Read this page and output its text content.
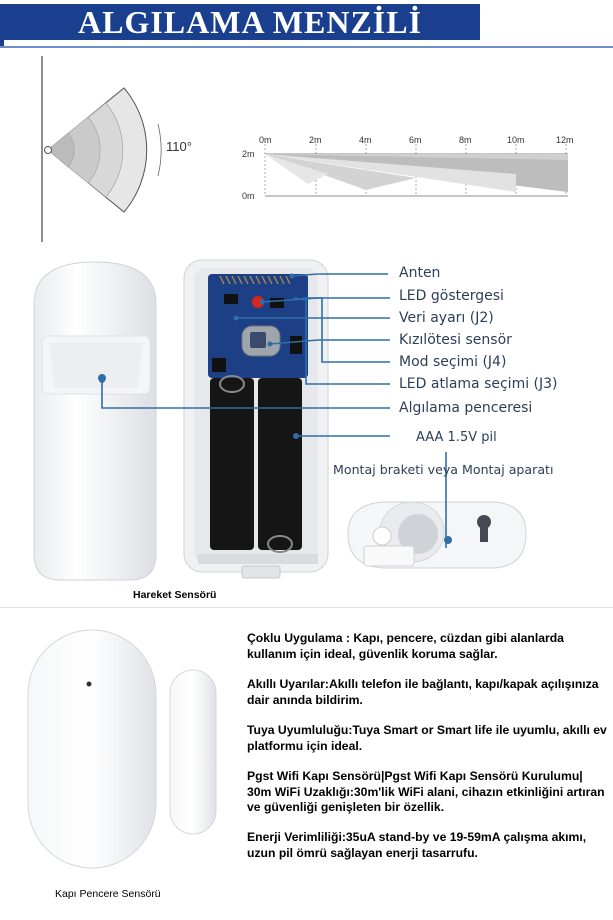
ALGILAMA MENZİLİ
110°	0m	2m	4m	6m	8m	10m	12m
2m
0m
Anten
LED göstergesi
Veri ayarı (J2)
Kızılötesi sensör
Mod seçimi (J4)
LED atlama seçimi (J3)
Algılama penceresi
AAA 1.5V pil
Montaj braketi veya Montaj aparatı
Hareket Sensörü
Kapı Pencere Sensörü

Çoklu Uygulama : Kapı, pencere, cüzdan gibi alanlarda kullanım için ideal, güvenlik koruma sağlar.

Akıllı Uyarılar:Akıllı telefon ile bağlantı, kapı/kapak açılışınıza dair anında bildirim.

Tuya Uyumluluğu:Tuya Smart or Smart life ile uyumlu, akıllı ev platformu için ideal.

Pgst Wifi Kapı Sensörü|Pgst Wifi Kapı Sensörü Kurulumu| 30m WiFi Uzaklığı:30m'lik WiFi alani, cihazın etkinliğini artıran ve güvenliği genişleten bir özellik.

Enerji Verimliliği:35uA stand-by ve 19-59mA çalışma akımı, uzun pil ömrü sağlayan enerji tasarrufu.
